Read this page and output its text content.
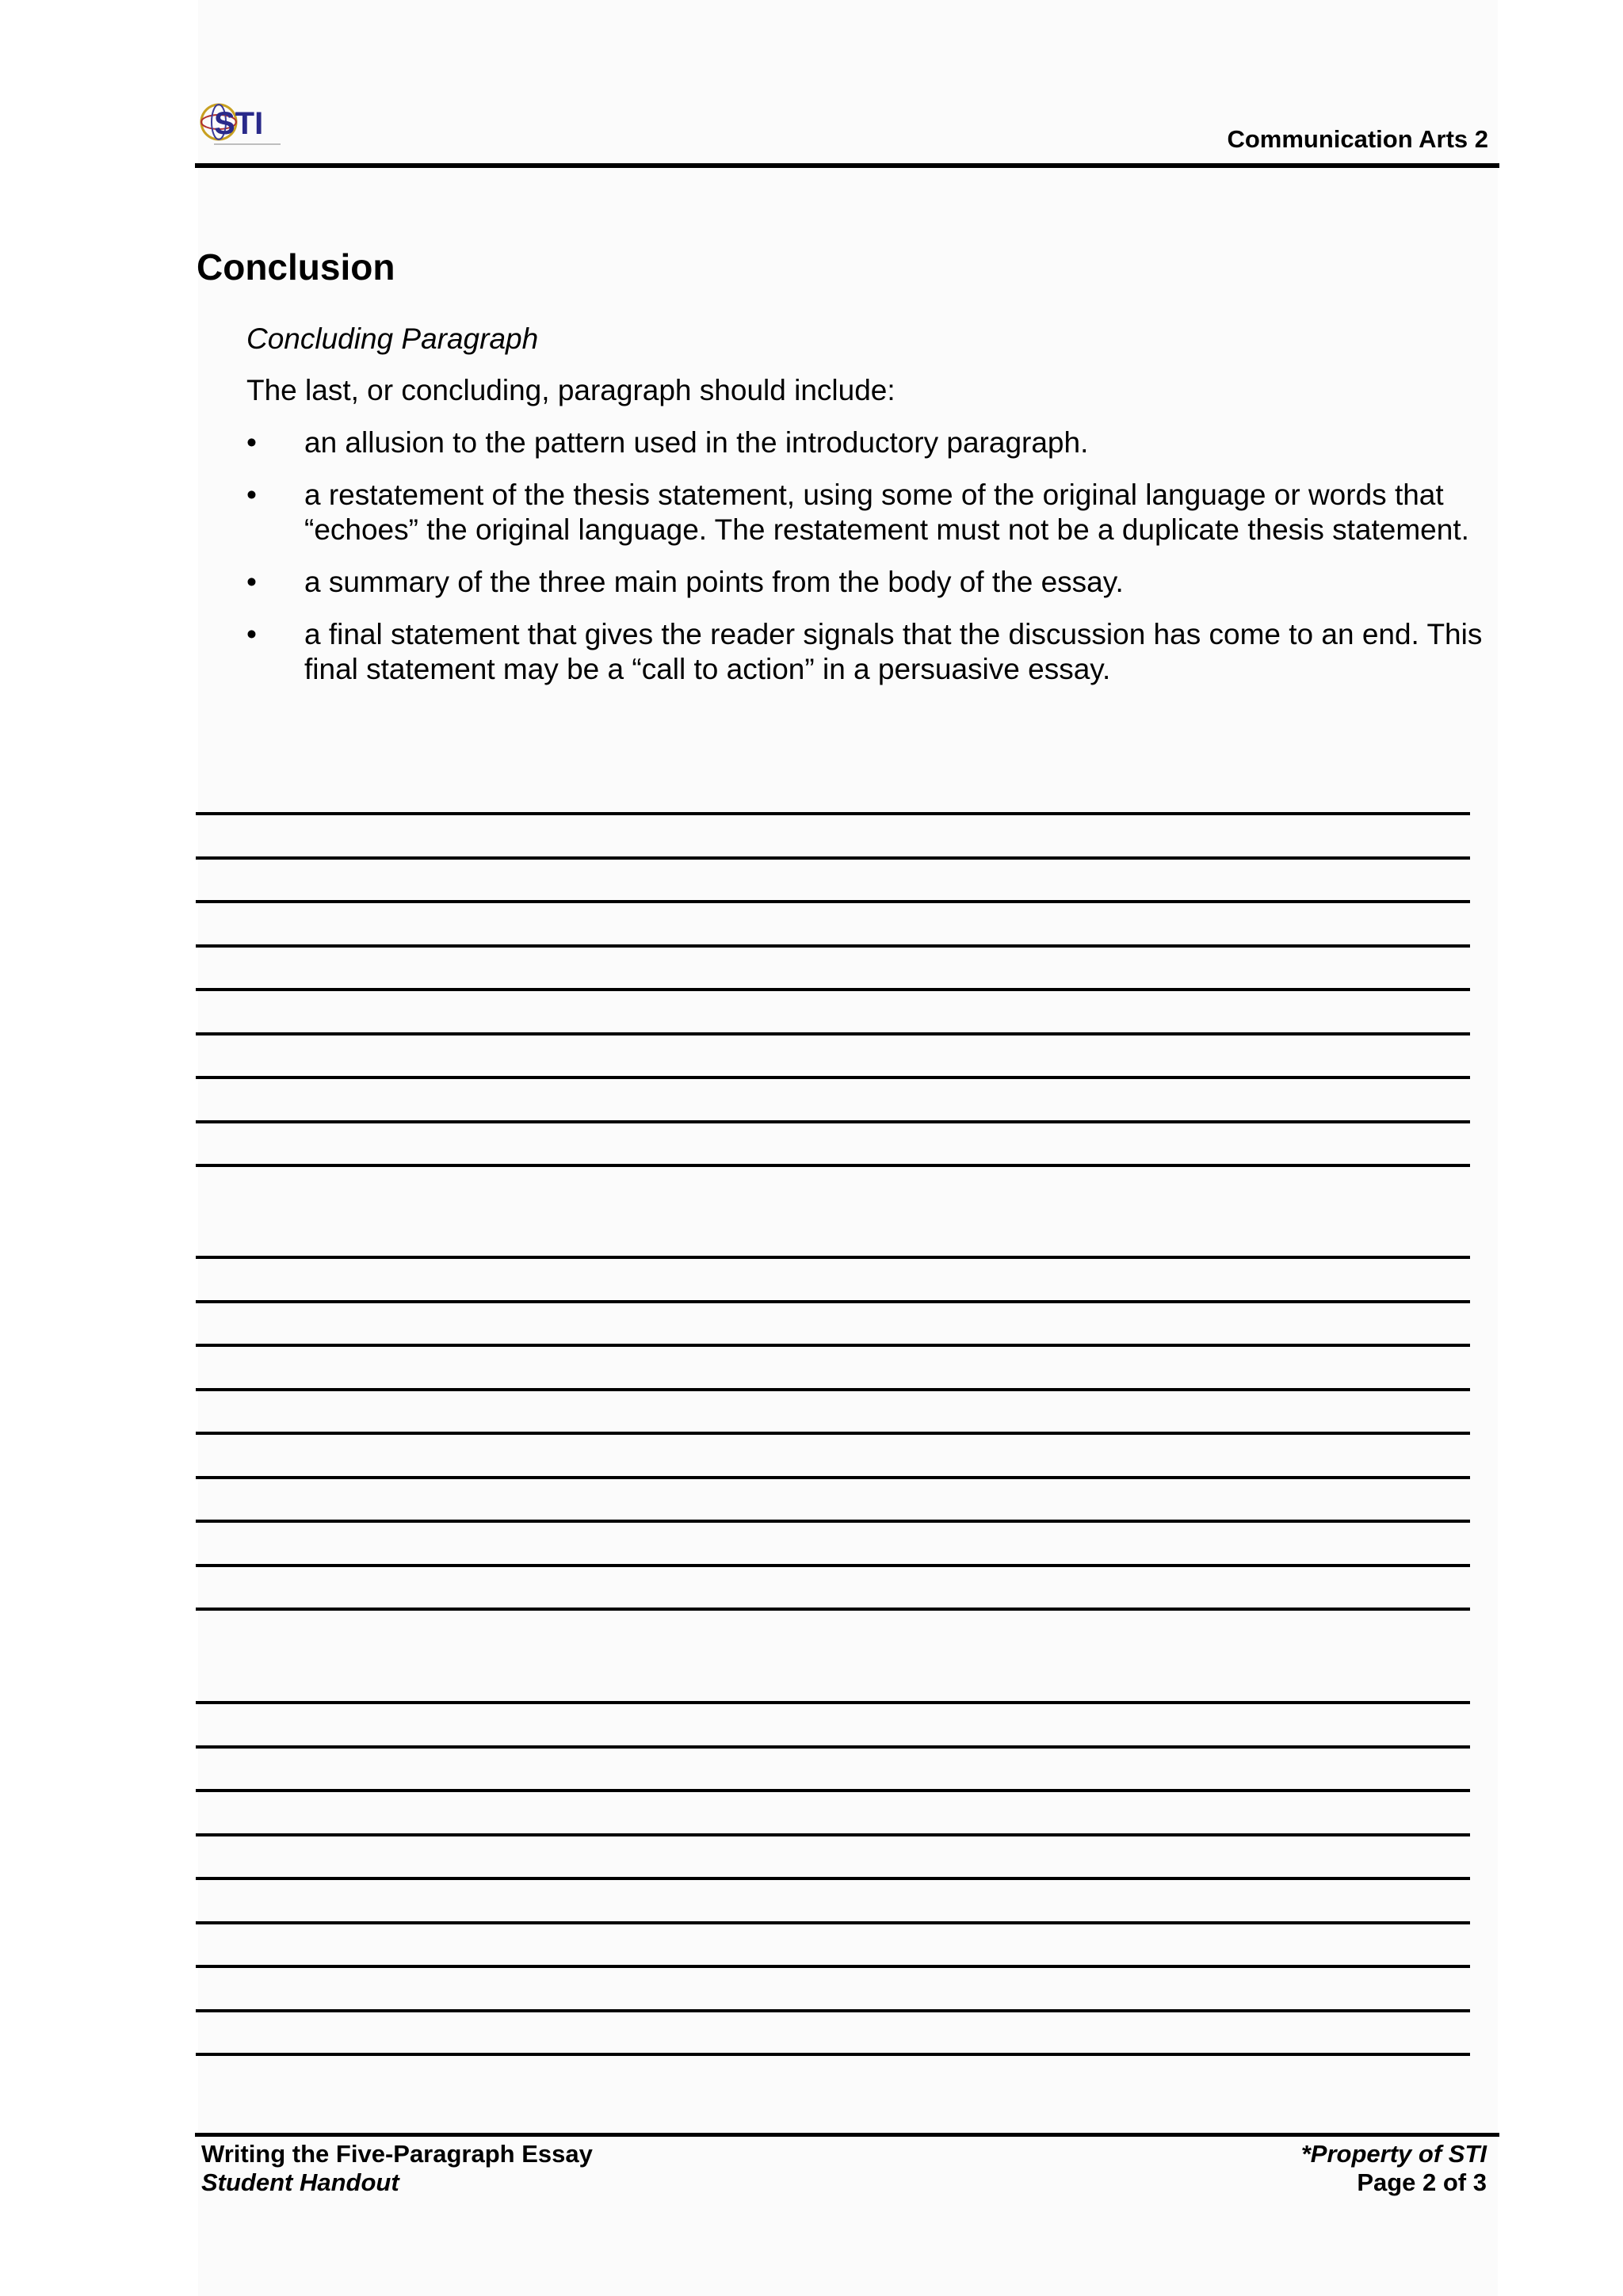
STI	Communication Arts 2
Conclusion
Concluding Paragraph
The last, or concluding, paragraph should include:
• an allusion to the pattern used in the introductory paragraph.
• a restatement of the thesis statement, using some of the original language or words that “echoes” the original language. The restatement must not be a duplicate thesis statement.
• a summary of the three main points from the body of the essay.
• a final statement that gives the reader signals that the discussion has come to an end. This final statement may be a “call to action” in a persuasive essay.
Writing the Five-Paragraph Essay
Student Handout
*Property of STI
Page 2 of 3
